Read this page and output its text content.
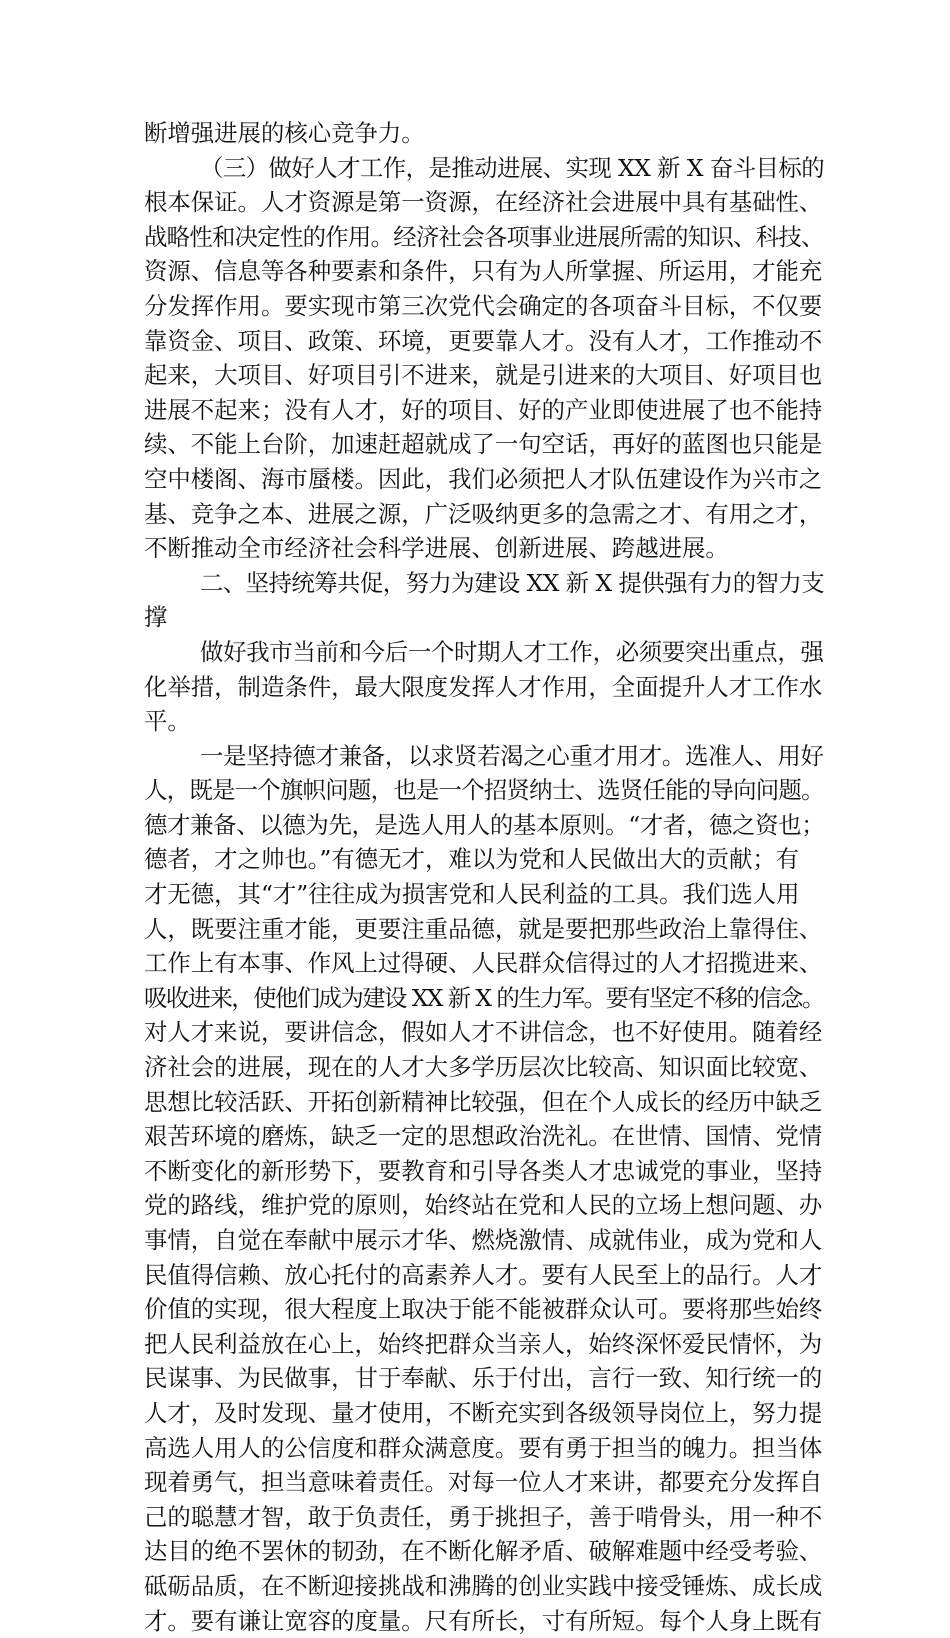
断增强进展的核心竞争力。
（三）做好人才工作，是推动进展、实现 XX 新 X 奋斗目标的
根本保证。人才资源是第一资源，在经济社会进展中具有基础性、
战略性和决定性的作用。经济社会各项事业进展所需的知识、科技、
资源、信息等各种要素和条件，只有为人所掌握、所运用，才能充
分发挥作用。要实现市第三次党代会确定的各项奋斗目标，不仅要
靠资金、项目、政策、环境，更要靠人才。没有人才，工作推动不
起来，大项目、好项目引不进来，就是引进来的大项目、好项目也
进展不起来；没有人才，好的项目、好的产业即使进展了也不能持
续、不能上台阶，加速赶超就成了一句空话，再好的蓝图也只能是
空中楼阁、海市蜃楼。因此，我们必须把人才队伍建设作为兴市之
基、竞争之本、进展之源，广泛吸纳更多的急需之才、有用之才，
不断推动全市经济社会科学进展、创新进展、跨越进展。
二、坚持统筹共促，努力为建设 XX 新 X 提供强有力的智力支
撑
做好我市当前和今后一个时期人才工作，必须要突出重点，强
化举措，制造条件，最大限度发挥人才作用，全面提升人才工作水
平。
一是坚持德才兼备，以求贤若渴之心重才用才。选准人、用好
人，既是一个旗帜问题，也是一个招贤纳士、选贤任能的导向问题。
德才兼备、以德为先，是选人用人的基本原则。“才者，德之资也；
德者，才之帅也。”有德无才，难以为党和人民做出大的贡献；有
才无德，其“才”往往成为损害党和人民利益的工具。我们选人用
人，既要注重才能，更要注重品德，就是要把那些政治上靠得住、
工作上有本事、作风上过得硬、人民群众信得过的人才招揽进来、
吸收进来，使他们成为建设 XX 新 X 的生力军。要有坚定不移的信念。
对人才来说，要讲信念，假如人才不讲信念，也不好使用。随着经
济社会的进展，现在的人才大多学历层次比较高、知识面比较宽、
思想比较活跃、开拓创新精神比较强，但在个人成长的经历中缺乏
艰苦环境的磨炼，缺乏一定的思想政治洗礼。在世情、国情、党情
不断变化的新形势下，要教育和引导各类人才忠诚党的事业，坚持
党的路线，维护党的原则，始终站在党和人民的立场上想问题、办
事情，自觉在奉献中展示才华、燃烧激情、成就伟业，成为党和人
民值得信赖、放心托付的高素养人才。要有人民至上的品行。人才
价值的实现，很大程度上取决于能不能被群众认可。要将那些始终
把人民利益放在心上，始终把群众当亲人，始终深怀爱民情怀，为
民谋事、为民做事，甘于奉献、乐于付出，言行一致、知行统一的
人才，及时发现、量才使用，不断充实到各级领导岗位上，努力提
高选人用人的公信度和群众满意度。要有勇于担当的魄力。担当体
现着勇气，担当意味着责任。对每一位人才来讲，都要充分发挥自
己的聪慧才智，敢于负责任，勇于挑担子，善于啃骨头，用一种不
达目的绝不罢休的韧劲，在不断化解矛盾、破解难题中经受考验、
砥砺品质，在不断迎接挑战和沸腾的创业实践中接受锤炼、成长成
才。要有谦让宽容的度量。尺有所长，寸有所短。每个人身上既有
